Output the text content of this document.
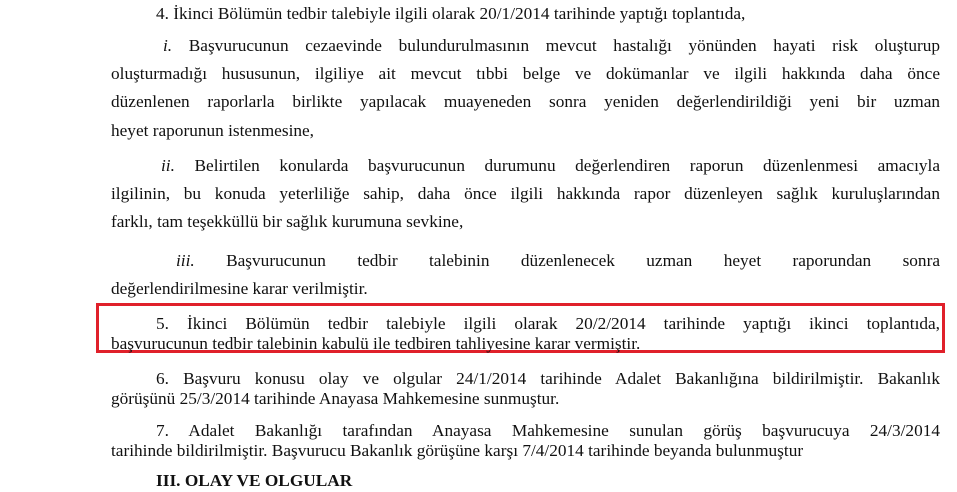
4. İkinci Bölümün tedbir talebiyle ilgili olarak 20/1/2014 tarihinde yaptığı toplantıda,
i. Başvurucunun cezaevinde bulundurulmasının mevcut hastalığı yönünden hayati risk oluşturup
oluşturmadığı hususunun, ilgiliye ait mevcut tıbbi belge ve dokümanlar ve ilgili hakkında daha önce
düzenlenen raporlarla birlikte yapılacak muayeneden sonra yeniden değerlendirildiği yeni bir uzman
heyet raporunun istenmesine,
ii. Belirtilen konularda başvurucunun durumunu değerlendiren raporun düzenlenmesi amacıyla
ilgilinin, bu konuda yeterliliğe sahip, daha önce ilgili hakkında rapor düzenleyen sağlık kuruluşlarından
farklı, tam teşekküllü bir sağlık kurumuna sevkine,
iii. Başvurucunun tedbir talebinin düzenlenecek uzman heyet raporundan sonra
değerlendirilmesine karar verilmiştir.
5. İkinci Bölümün tedbir talebiyle ilgili olarak 20/2/2014 tarihinde yaptığı ikinci toplantıda,
başvurucunun tedbir talebinin kabulü ile tedbiren tahliyesine karar vermiştir.
6. Başvuru konusu olay ve olgular 24/1/2014 tarihinde Adalet Bakanlığına bildirilmiştir. Bakanlık
görüşünü 25/3/2014 tarihinde Anayasa Mahkemesine sunmuştur.
7. Adalet Bakanlığı tarafından Anayasa Mahkemesine sunulan görüş başvurucuya 24/3/2014
tarihinde bildirilmiştir. Başvurucu Bakanlık görüşüne karşı 7/4/2014 tarihinde beyanda bulunmuştur
III. OLAY VE OLGULAR
